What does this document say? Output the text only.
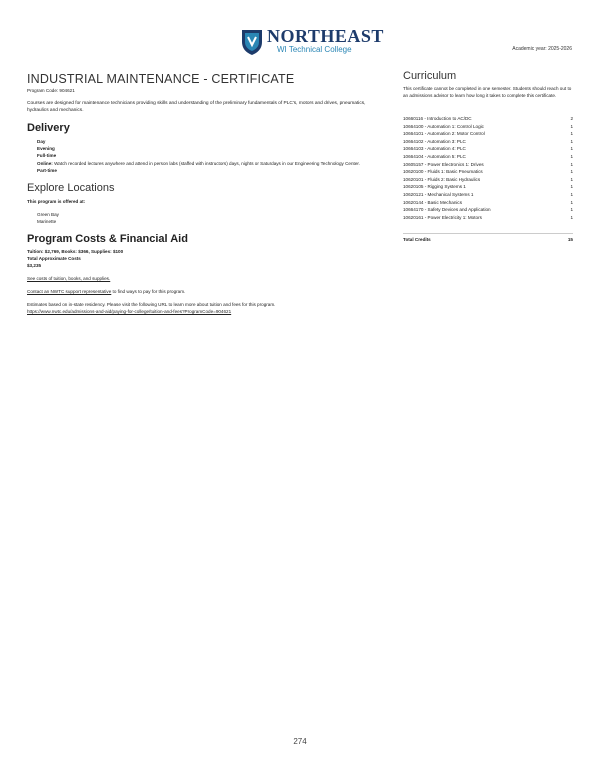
NORTHEAST
WI Technical College	Academic year: 2025-2026
INDUSTRIAL MAINTENANCE - CERTIFICATE
Program Code: 904621
Courses are designed for maintenance technicians providing skills and understanding of the preliminary fundamentals of PLC's, motors and drives, pneumatics, hydraulics and mechanics.
Delivery
Day
Evening
Full-time
Online: Watch recorded lectures anywhere and attend in person labs (staffed with instructors) days, nights or Saturdays in our Engineering Technology Center.
Part-time
Explore Locations
This program is offered at:
Green Bay
Marinette
Program Costs & Financial Aid
Tuition: $2,769, Books: $366, Supplies: $100
Total Approximate Costs
$3,235
See costs of tuition, books, and supplies.
Contact an NWTC support representative to find ways to pay for this program.
Estimates based on in-state residency. Please visit the following URL to learn more about tuition and fees for this program.
https://www.nwtc.edu/admissions-and-aid/paying-for-college/tuition-and-fees?ProgramCode=904621
Curriculum
This certificate cannot be completed in one semester. Students should reach out to an admissions advisor to learn how long it takes to complete this certificate.
10660116 - Introduction to AC/DC	2
10664100 - Automation 1: Control Logic	1
10664101 - Automation 2: Motor Control	1
10664102 - Automation 3: PLC	1
10664103 - Automation 4: PLC	1
10664104 - Automation 5: PLC	1
10605157 - Power Electronics 1: Drives	1
10620100 - Fluids 1: Basic Pneumatics	1
10620101 - Fluids 2: Basic Hydraulics	1
10620105 - Rigging Systems 1	1
10620121 - Mechanical Systems 1	1
10620144 - Basic Mechanics	1
10664170 - Safety Devices and Application	1
10620161 - Power Electricity 1: Motors	1
Total Credits	15
274
